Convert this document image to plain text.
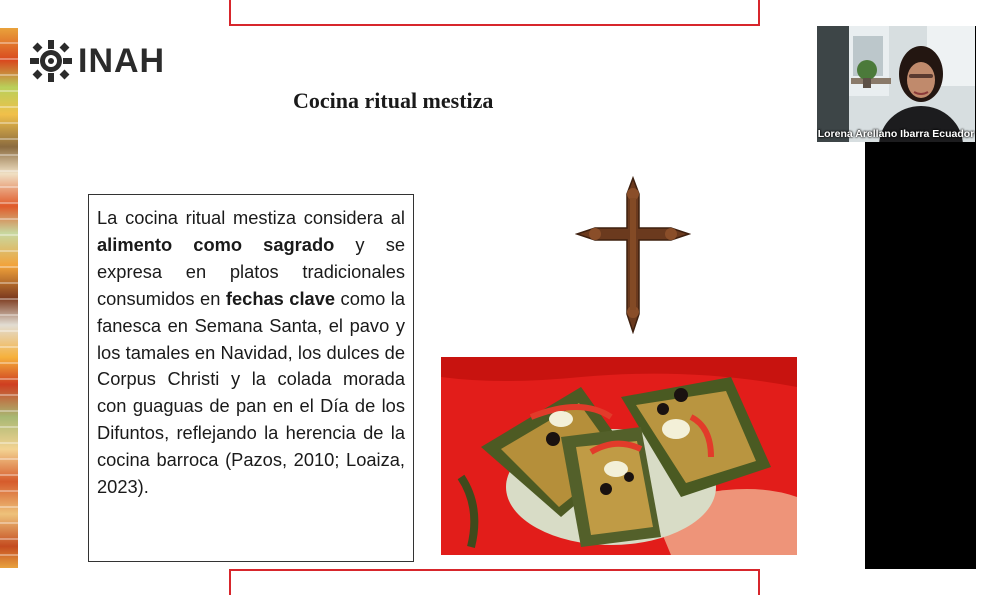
INAH
Cocina ritual mestiza
La cocina ritual mestiza considera al alimento como sagrado y se expresa en platos tradicionales consumidos en fechas clave como la fanesca en Semana Santa, el pavo y los tamales en Navidad, los dulces de Corpus Christi y la colada morada con guaguas de pan en el Día de los Difuntos, reflejando la herencia de la cocina barroca (Pazos, 2010; Loaiza, 2023).
Lorena Arellano Ibarra Ecuador
